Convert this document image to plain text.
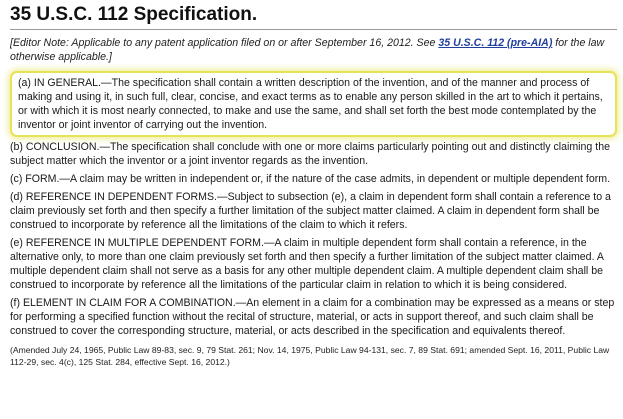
35 U.S.C. 112 Specification.

[Editor Note: Applicable to any patent application filed on or after September 16, 2012. See 35 U.S.C. 112 (pre-AIA) for the law otherwise applicable.]

(a) IN GENERAL.—The specification shall contain a written description of the invention, and of the manner and process of making and using it, in such full, clear, concise, and exact terms as to enable any person skilled in the art to which it pertains, or with which it is most nearly connected, to make and use the same, and shall set forth the best mode contemplated by the inventor or joint inventor of carrying out the invention.

(b) CONCLUSION.—The specification shall conclude with one or more claims particularly pointing out and distinctly claiming the subject matter which the inventor or a joint inventor regards as the invention.

(c) FORM.—A claim may be written in independent or, if the nature of the case admits, in dependent or multiple dependent form.

(d) REFERENCE IN DEPENDENT FORMS.—Subject to subsection (e), a claim in dependent form shall contain a reference to a claim previously set forth and then specify a further limitation of the subject matter claimed. A claim in dependent form shall be construed to incorporate by reference all the limitations of the claim to which it refers.

(e) REFERENCE IN MULTIPLE DEPENDENT FORM.—A claim in multiple dependent form shall contain a reference, in the alternative only, to more than one claim previously set forth and then specify a further limitation of the subject matter claimed. A multiple dependent claim shall not serve as a basis for any other multiple dependent claim. A multiple dependent claim shall be construed to incorporate by reference all the limitations of the particular claim in relation to which it is being considered.

(f) ELEMENT IN CLAIM FOR A COMBINATION.—An element in a claim for a combination may be expressed as a means or step for performing a specified function without the recital of structure, material, or acts in support thereof, and such claim shall be construed to cover the corresponding structure, material, or acts described in the specification and equivalents thereof.

(Amended July 24, 1965, Public Law 89-83, sec. 9, 79 Stat. 261; Nov. 14, 1975, Public Law 94-131, sec. 7, 89 Stat. 691; amended Sept. 16, 2011, Public Law 112-29, sec. 4(c), 125 Stat. 284, effective Sept. 16, 2012.)
